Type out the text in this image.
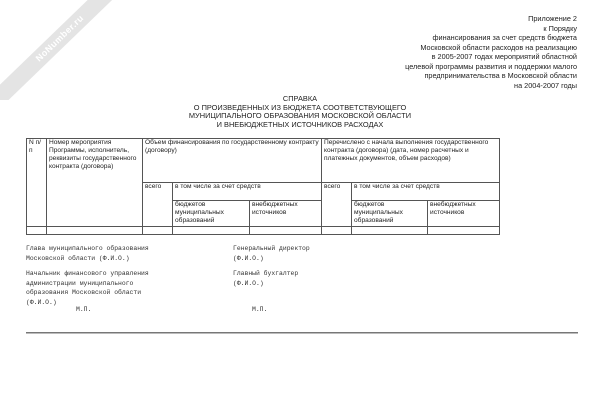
NoNumber.ru	Приложение 2
к Порядку
финансирования за счет средств бюджета
Московской области расходов на реализацию
в 2005-2007 годах мероприятий областной
целевой программы развития и поддержки малого
предпринимательства в Московской области
на 2004-2007 годы
СПРАВКА
О ПРОИЗВЕДЕННЫХ ИЗ БЮДЖЕТА СООТВЕТСТВУЮЩЕГО
МУНИЦИПАЛЬНОГО ОБРАЗОВАНИЯ МОСКОВСКОЙ ОБЛАСТИ
И ВНЕБЮДЖЕТНЫХ ИСТОЧНИКОВ РАСХОДАХ
N п/п	Номер мероприятия Программы, исполнитель, реквизиты государственного контракта (договора)	Объем финансирования по государственному контракту (договору)			Перечислено с начала выполнения государственного контракта (договора) (дата, номер расчетных и платежных документов, объем расходов)		
		всего	в том числе за счет средств		всего	в том числе за счет средств	
			бюджетов муниципальных образований	внебюджетных источников		бюджетов муниципальных образований	внебюджетных источников

Глава муниципального образования
Московской области (Ф.И.О.)
Начальник финансового управления
администрации муниципального
образования Московской области
(Ф.И.О.)
Генеральный директор
(Ф.И.О.)
Главный бухгалтер
(Ф.И.О.)
М.П.	М.П.
